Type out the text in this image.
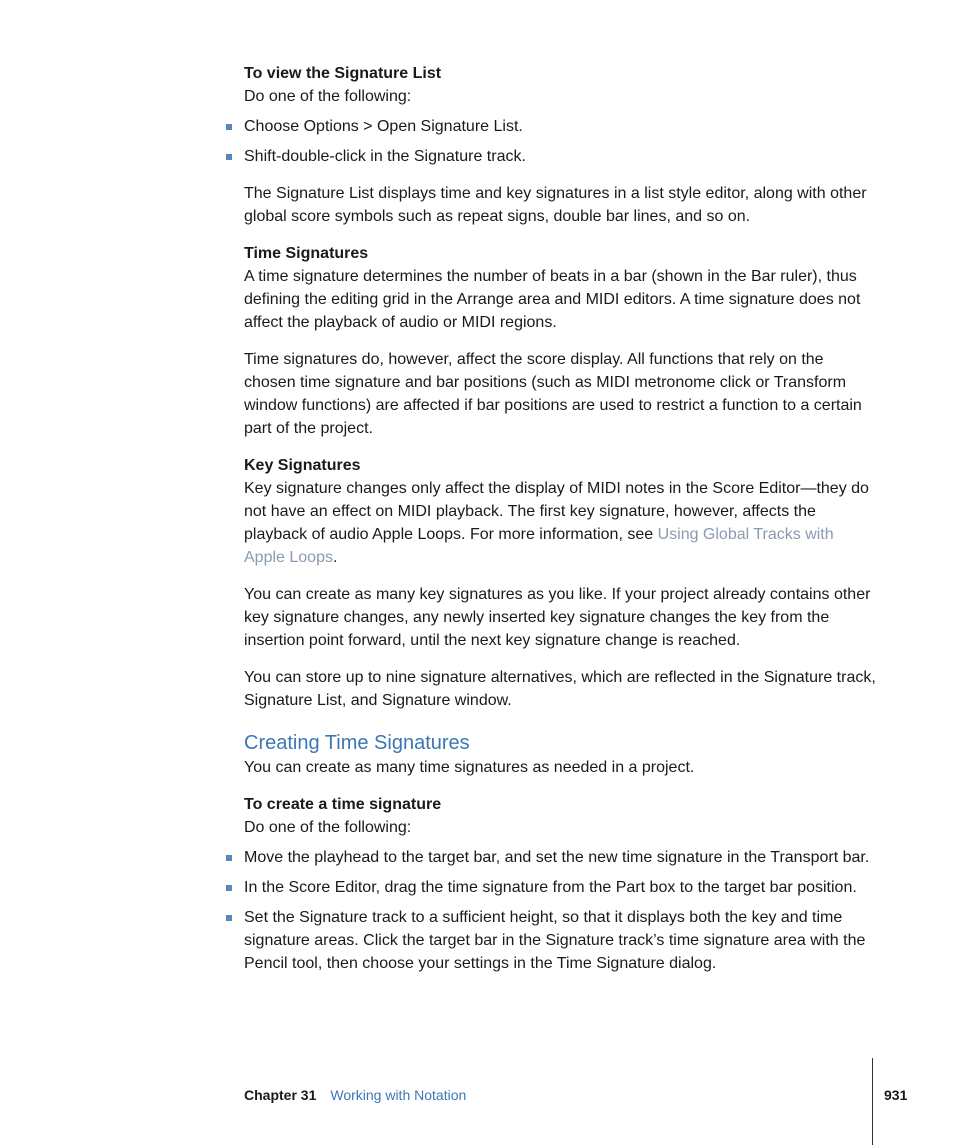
To view the Signature List

Do one of the following:

Choose Options > Open Signature List.
Shift-double-click in the Signature track.

The Signature List displays time and key signatures in a list style editor, along with other global score symbols such as repeat signs, double bar lines, and so on.

Time Signatures

A time signature determines the number of beats in a bar (shown in the Bar ruler), thus defining the editing grid in the Arrange area and MIDI editors. A time signature does not affect the playback of audio or MIDI regions.

Time signatures do, however, affect the score display. All functions that rely on the chosen time signature and bar positions (such as MIDI metronome click or Transform window functions) are affected if bar positions are used to restrict a function to a certain part of the project.

Key Signatures

Key signature changes only affect the display of MIDI notes in the Score Editor—they do not have an effect on MIDI playback. The first key signature, however, affects the playback of audio Apple Loops. For more information, see Using Global Tracks with Apple Loops.

You can create as many key signatures as you like. If your project already contains other key signature changes, any newly inserted key signature changes the key from the insertion point forward, until the next key signature change is reached.

You can store up to nine signature alternatives, which are reflected in the Signature track, Signature List, and Signature window.

Creating Time Signatures

You can create as many time signatures as needed in a project.

To create a time signature

Do one of the following:

Move the playhead to the target bar, and set the new time signature in the Transport bar.
In the Score Editor, drag the time signature from the Part box to the target bar position.
Set the Signature track to a sufficient height, so that it displays both the key and time signature areas. Click the target bar in the Signature track’s time signature area with the Pencil tool, then choose your settings in the Time Signature dialog.
Chapter 31 Working with Notation	931
